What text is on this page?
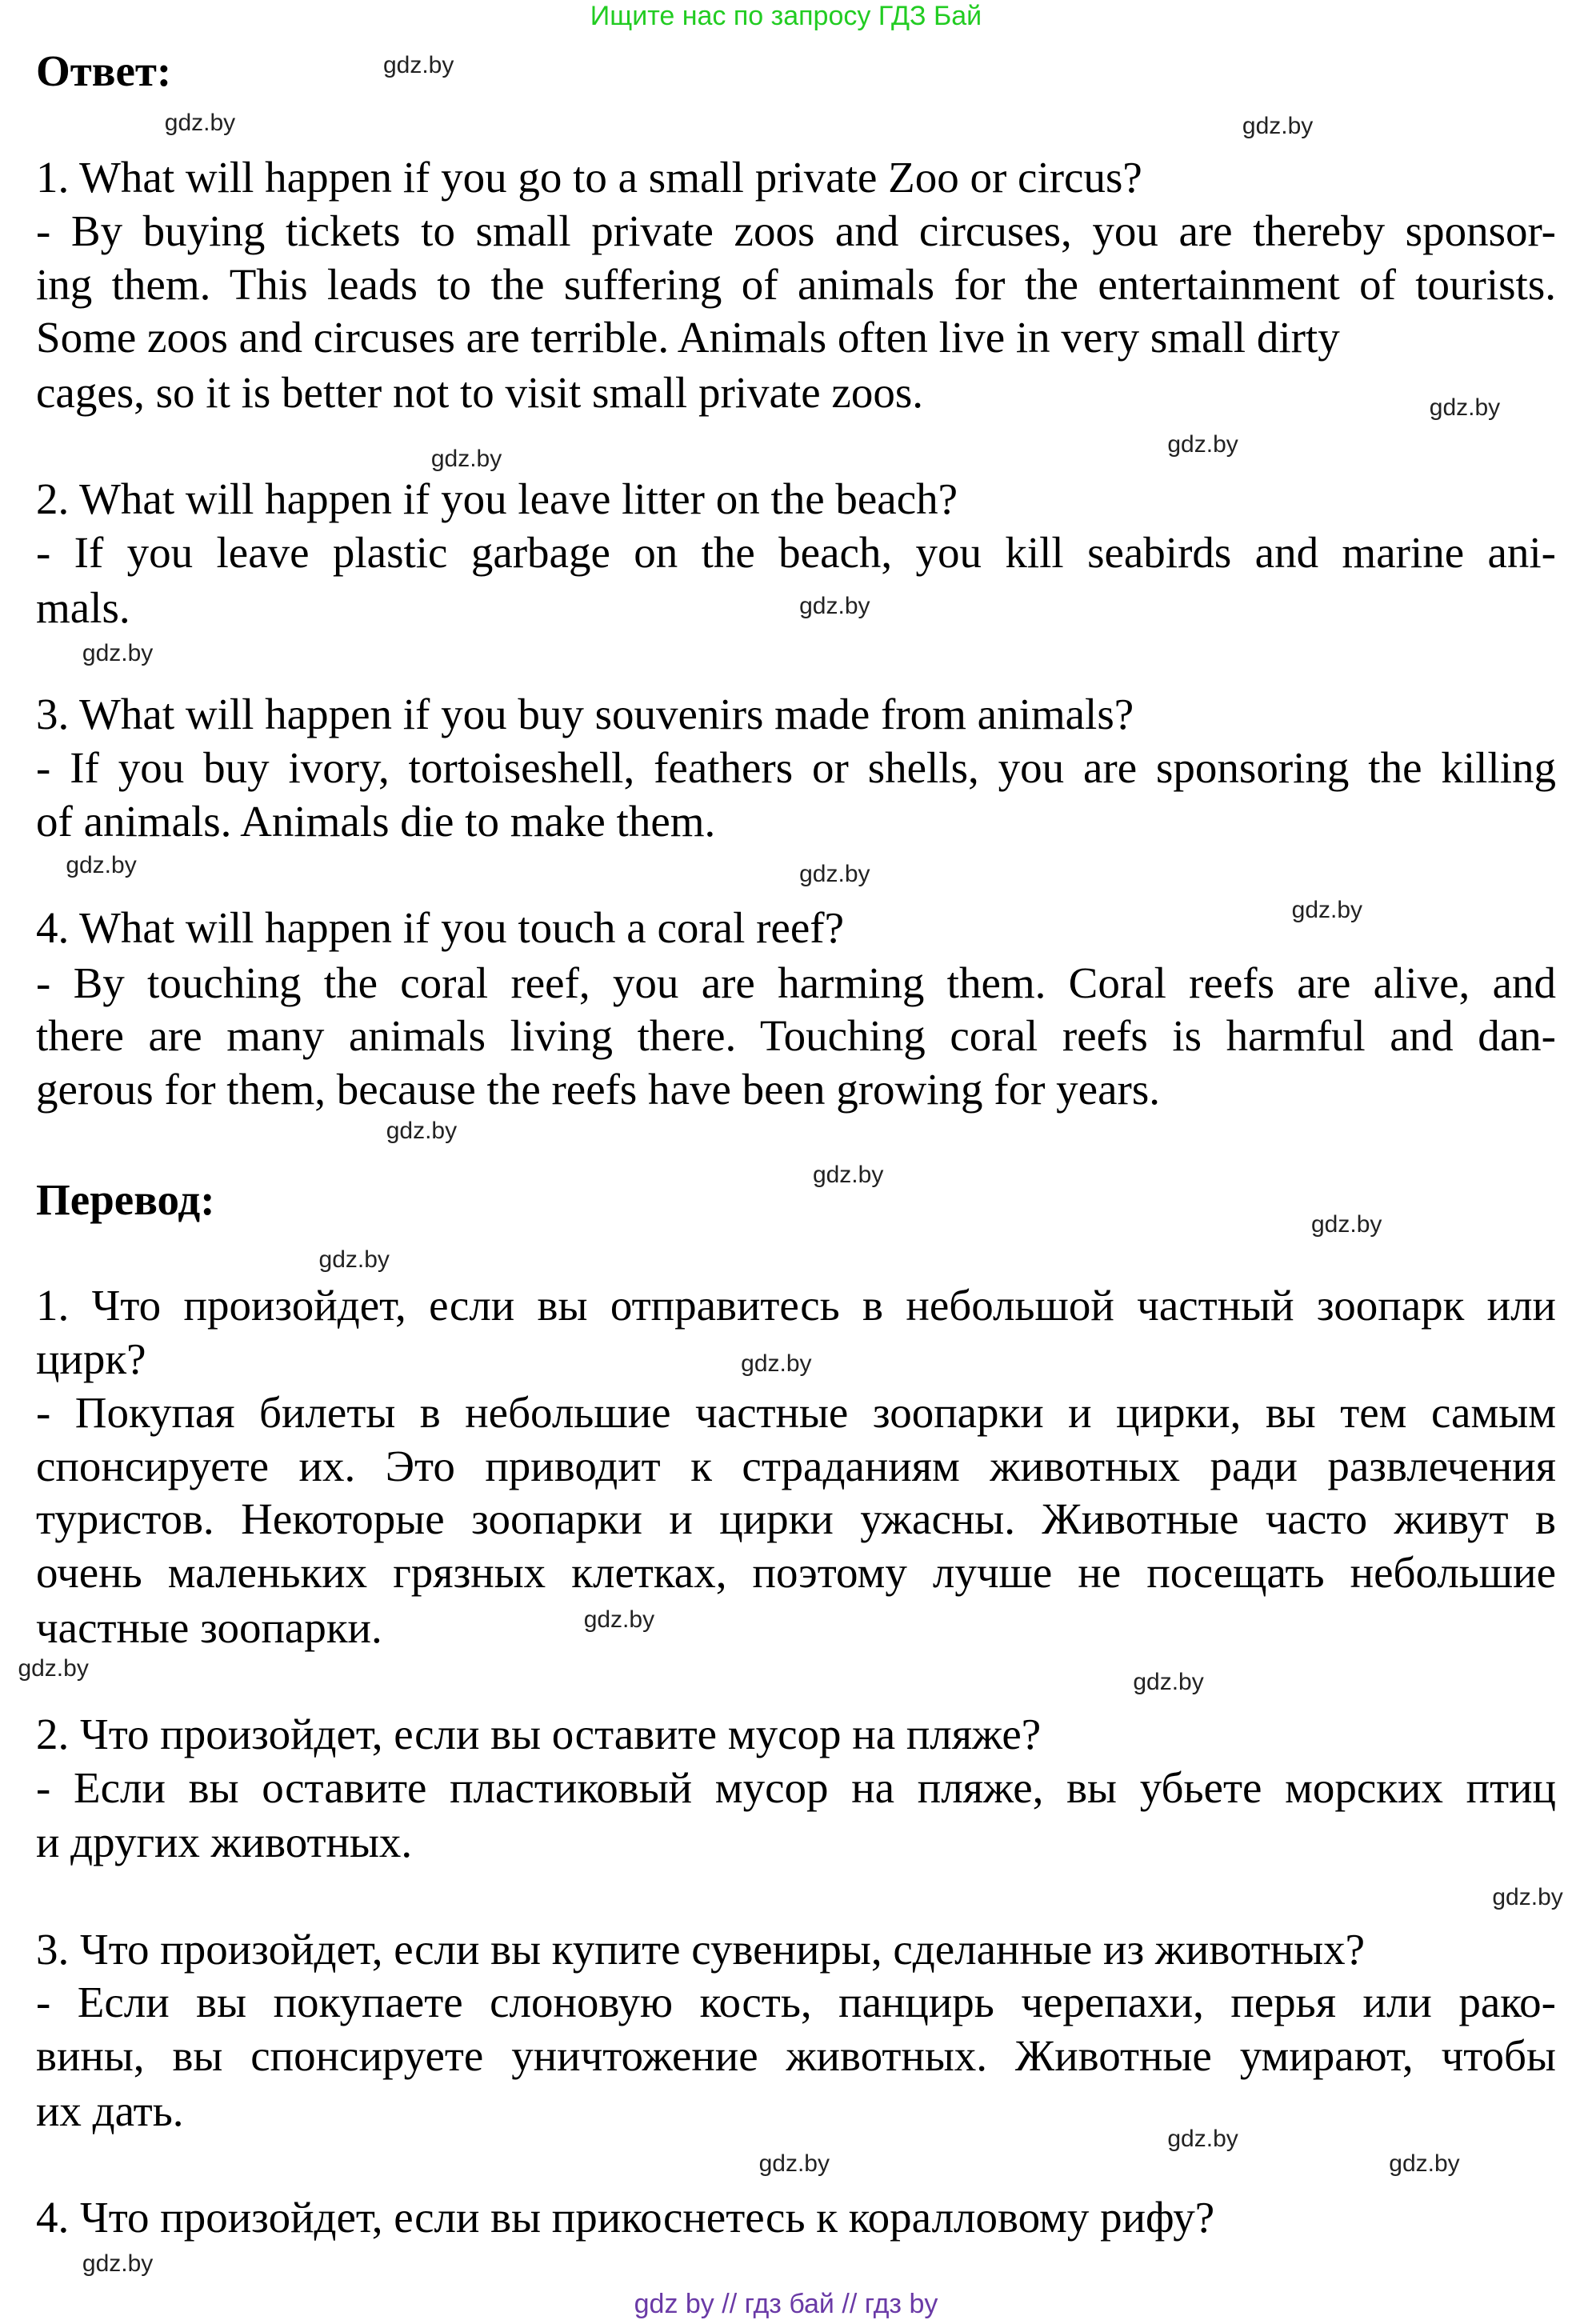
Ищите нас по запросу ГДЗ Бай
Ответ:
Перевод:
1. What will happen if you go to a small private Zoo or circus?
- By buying tickets to small private zoos and circuses, you are thereby sponsor-
ing them. This leads to the suffering of animals for the entertainment of tourists.
Some zoos and circuses are terrible. Animals often live in very small dirty
cages, so it is better not to visit small private zoos.
2. What will happen if you leave litter on the beach?
- If you leave plastic garbage on the beach, you kill seabirds and marine ani-
mals.
3. What will happen if you buy souvenirs made from animals?
- If you buy ivory, tortoiseshell, feathers or shells, you are sponsoring the killing
of animals. Animals die to make them.
4. What will happen if you touch a coral reef?
- By touching the coral reef, you are harming them. Coral reefs are alive, and
there are many animals living there. Touching coral reefs is harmful and dan-
gerous for them, because the reefs have been growing for years.
1. Что произойдет, если вы отправитесь в небольшой частный зоопарк или
цирк?
- Покупая билеты в небольшие частные зоопарки и цирки, вы тем самым
спонсируете их. Это приводит к страданиям животных ради развлечения
туристов. Некоторые зоопарки и цирки ужасны. Животные часто живут в
очень маленьких грязных клетках, поэтому лучше не посещать небольшие
частные зоопарки.
2. Что произойдет, если вы оставите мусор на пляже?
- Если вы оставите пластиковый мусор на пляже, вы убьете морских птиц
и других животных.
3. Что произойдет, если вы купите сувениры, сделанные из животных?
- Если вы покупаете слоновую кость, панцирь черепахи, перья или рако-
вины, вы спонсируете уничтожение животных. Животные умирают, чтобы
их дать.
4. Что произойдет, если вы прикоснетесь к коралловому рифу?
gdz.by
gdz.by	gdz.by
gdz.by
gdz.by
gdz.by
gdz.by
gdz.by
gdz.by
gdz.by
gdz.by
gdz.by
gdz.by
gdz.by
gdz.by
gdz.by
gdz.by
gdz.by
gdz.by
gdz.by
gdz.by
gdz.by
gdz.by
gdz.by
gdz by // гдз бай // гдз by
